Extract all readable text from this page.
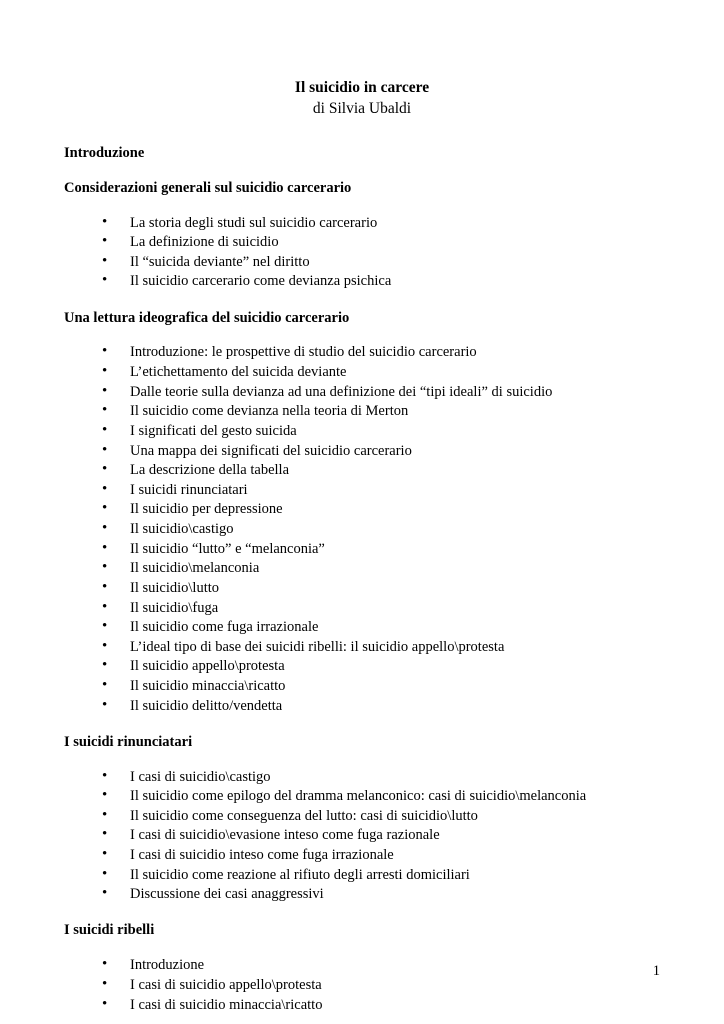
Il suicidio in carcere
di Silvia Ubaldi
Introduzione
Considerazioni generali sul suicidio carcerario
• La storia degli studi sul suicidio carcerario
• La definizione di suicidio
• Il “suicida deviante” nel diritto
• Il suicidio carcerario come devianza psichica
Una lettura ideografica del suicidio carcerario
• Introduzione: le prospettive di studio del suicidio carcerario
• L’etichettamento del suicida deviante
• Dalle teorie sulla devianza ad una definizione dei “tipi ideali” di suicidio
• Il suicidio come devianza nella teoria di Merton
• I significati del gesto suicida
• Una mappa dei significati del suicidio carcerario
• La descrizione della tabella
• I suicidi rinunciatari
• Il suicidio per depressione
• Il suicidio\castigo
• Il suicidio “lutto” e “melanconia”
• Il suicidio\melanconia
• Il suicidio\lutto
• Il suicidio\fuga
• Il suicidio come fuga irrazionale
• L’ideal tipo di base dei suicidi ribelli: il suicidio appello\protesta
• Il suicidio appello\protesta
• Il suicidio minaccia\ricatto
• Il suicidio delitto/vendetta
I suicidi rinunciatari
• I casi di suicidio\castigo
• Il suicidio come epilogo del dramma melanconico: casi di suicidio\melanconia
• Il suicidio come conseguenza del lutto: casi di suicidio\lutto
• I casi di suicidio\evasione inteso come fuga razionale
• I casi di suicidio inteso come fuga irrazionale
• Il suicidio come reazione al rifiuto degli arresti domiciliari
• Discussione dei casi anaggressivi
I suicidi ribelli
• Introduzione
• I casi di suicidio appello\protesta
• I casi di suicidio minaccia\ricatto
1
